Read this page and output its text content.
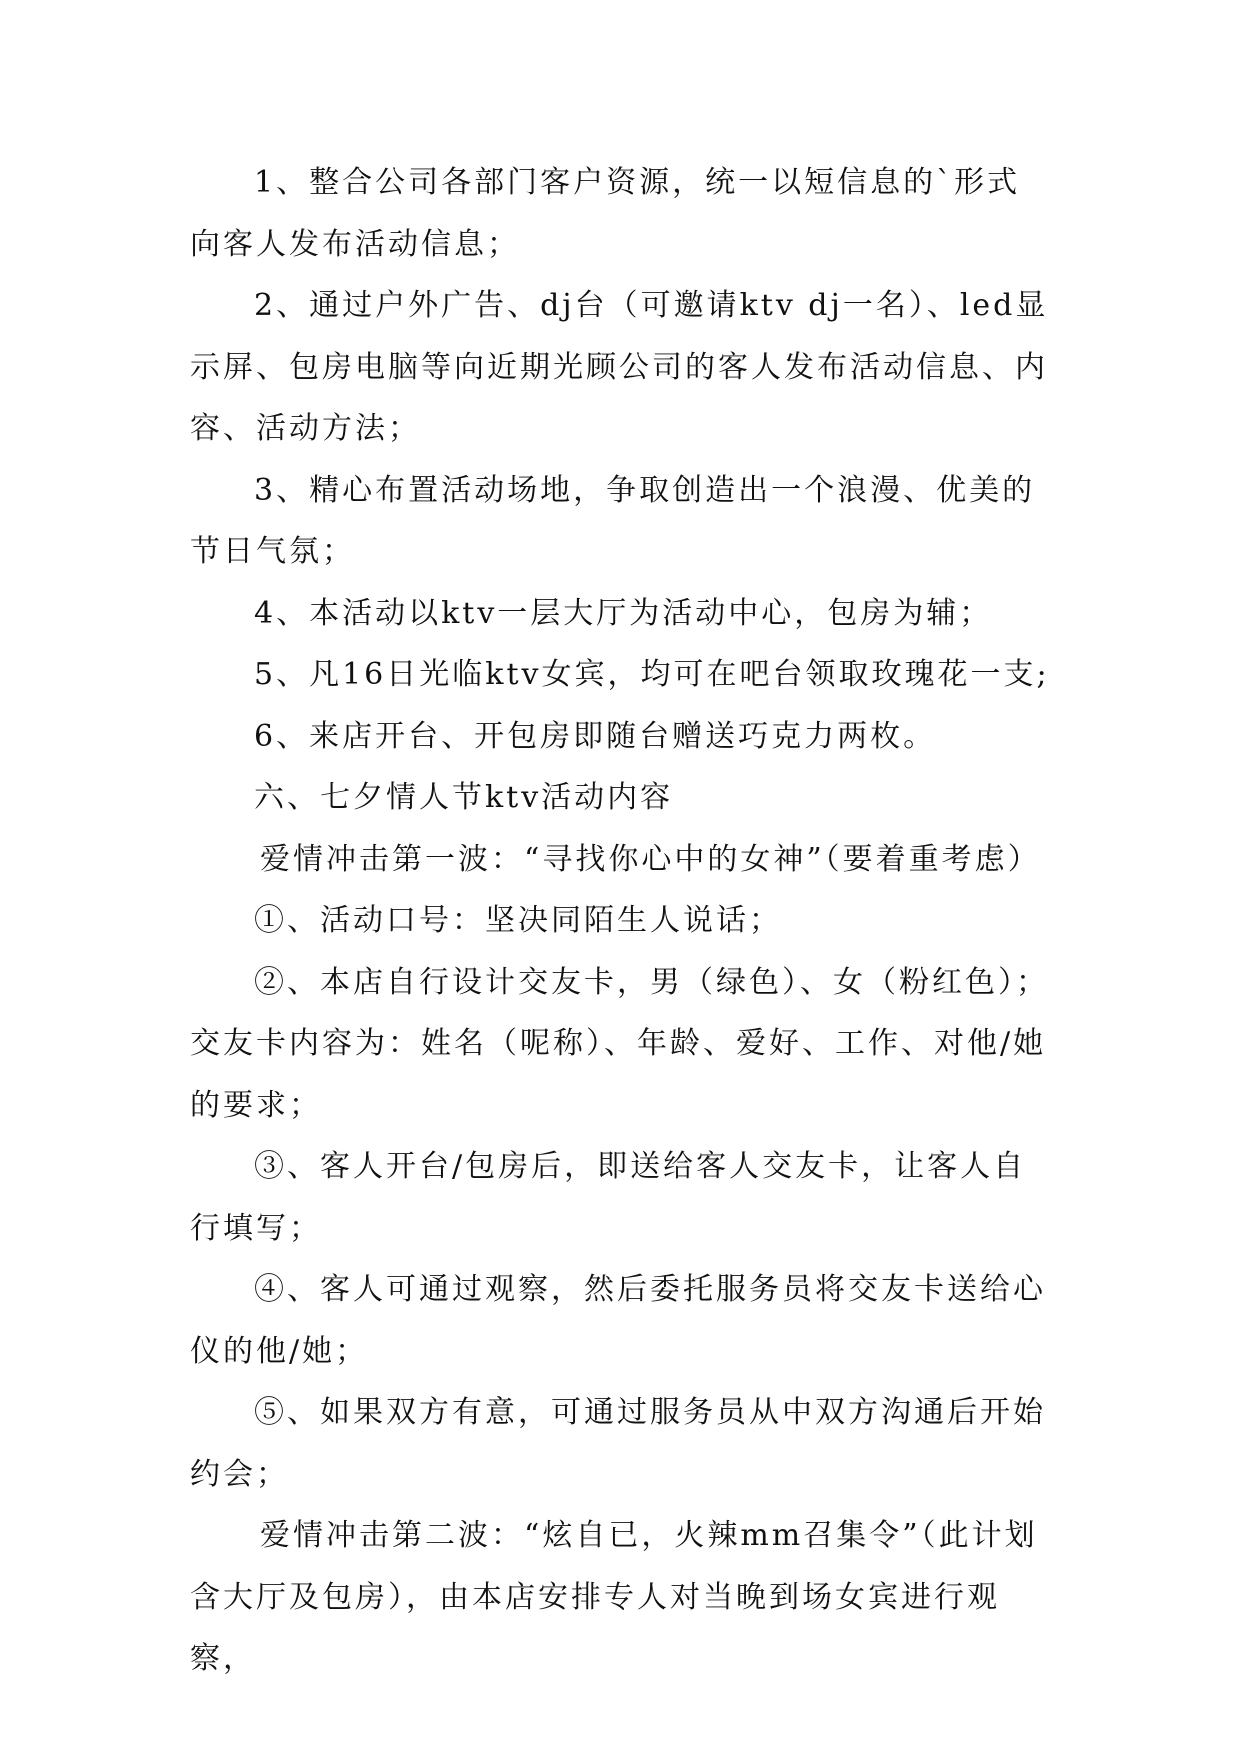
1、整合公司各部门客户资源，统一以短信息的`形式向客人发布活动信息；

2、通过户外广告、dj台（可邀请ktv dj一名）、led显示屏、包房电脑等向近期光顾公司的客人发布活动信息、内容、活动方法；

3、精心布置活动场地，争取创造出一个浪漫、优美的节日气氛；

4、本活动以ktv一层大厅为活动中心，包房为辅；

5、凡16日光临ktv女宾，均可在吧台领取玫瑰花一支;

6、来店开台、开包房即随台赠送巧克力两枚。

六、七夕情人节ktv活动内容

爱情冲击第一波：“寻找你心中的女神”（要着重考虑）

①、活动口号：坚决同陌生人说话；

②、本店自行设计交友卡，男（绿色）、女（粉红色）；交友卡内容为：姓名（呢称）、年龄、爱好、工作、对他/她的要求；

③、客人开台/包房后，即送给客人交友卡，让客人自行填写；

④、客人可通过观察，然后委托服务员将交友卡送给心仪的他/她；

⑤、如果双方有意，可通过服务员从中双方沟通后开始约会；

爱情冲击第二波：“炫自已，火辣mm召集令”（此计划含大厅及包房），由本店安排专人对当晚到场女宾进行观察，
